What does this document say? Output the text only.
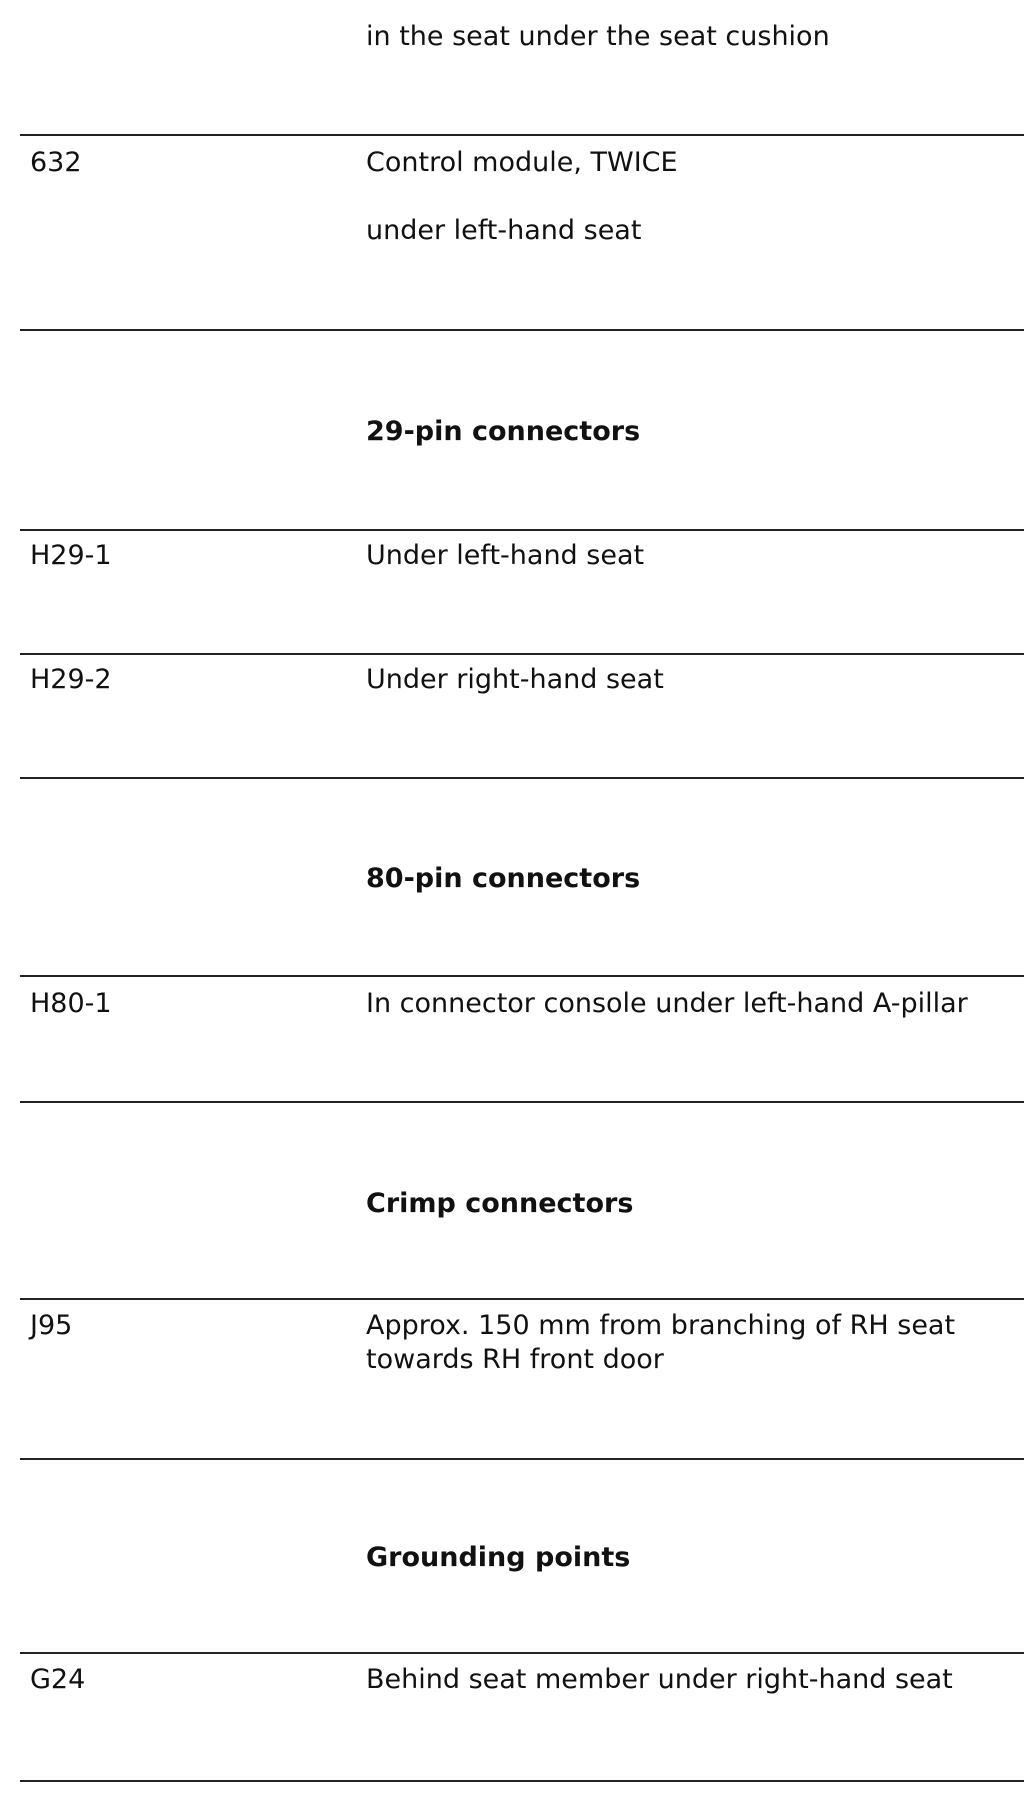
in the seat under the seat cushion
632	Control module, TWICE
under left-hand seat
29-pin connectors
H29-1	Under left-hand seat
H29-2	Under right-hand seat
80-pin connectors
H80-1	In connector console under left-hand A-pillar
Crimp connectors
J95	Approx. 150 mm from branching of RH seat towards RH front door
Grounding points
G24	Behind seat member under right-hand seat
